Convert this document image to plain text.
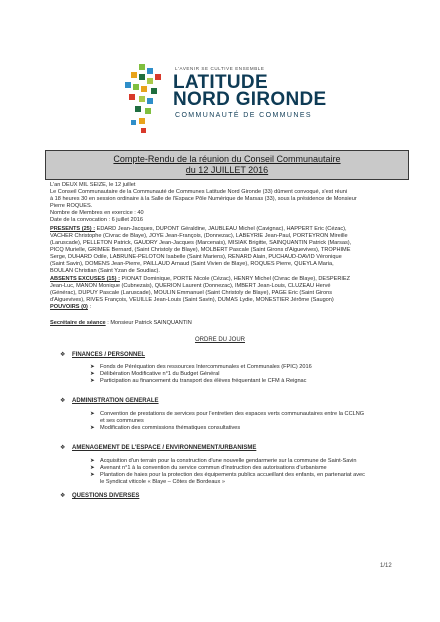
L'AVENIR SE CULTIVE ENSEMBLE
LATITUDE
NORD GIRONDE
COMMUNAUTÉ DE COMMUNES
Compte-Rendu de la réunion du Conseil Communautaire
du 12 JUILLET 2016
L'an DEUX MIL SEIZE, le 12 juillet
Le Conseil Communautaire de la Communauté de Communes Latitude Nord Gironde (33) dûment convoqué, s'est réuni
à 18 heures 30 en session ordinaire à la Salle de l'Espace Pôle Numérique de Marsas (33), sous la présidence de Monsieur
Pierre ROQUES.
Nombre de Membres en exercice : 40
Date de la convocation : 6 juillet 2016
PRESENTS (25) : EDARD Jean-Jacques, DUPONT Géraldine, JAUBLEAU Michel (Cavignac), HAPPERT Eric (Cézac),
VACHER Christophe (Civrac de Blaye), JOYE Jean-François, (Donnezac), LABEYRIE Jean-Paul, PORTEYRON Mireille
(Laruscade), PELLETON Patrick, GAUDRY Jean-Jacques (Marcenais), MISIAK Brigitte, SAINQUANTIN Patrick (Marsas),
PICQ Murielle, GRIMEE Bernard, (Saint Christoly de Blaye), MOLBERT Pascale (Saint Girons d'Aiguevives), TROPHIME
Serge, DUHARD Odile, LABRUNE-PELOTON Isabelle (Saint Mariens), RENARD Alain, PUCHAUD-DAVID Véronique
(Saint Savin), DOMENS Jean-Pierre, PAILLAUD Arnaud (Saint Vivien de Blaye), ROQUES Pierre, QUEYLA Maria,
BOULAN Christian (Saint Yzan de Soudiac).
ABSENTS EXCUSES (15) : PIONAT Dominique, PORTE Nicole (Cézac), HENRY Michel (Civrac de Blaye), DESPERIEZ
Jean-Luc, MANON Monique (Cubnezais), QUERION Laurent (Donnezac), IMBERT Jean-Louis, CLUZEAU Hervé
(Générac), DUPUY Pascale (Laruscade), MOULIN Emmanuel (Saint Christoly de Blaye), PAGE Eric (Saint Girons
d'Aiguevives), RIVES François, VEUILLE Jean-Louis (Saint Savin), DUMAS Lydie, MONESTIER Jérôme (Saugon)
POUVOIRS (0) :
Secrétaire de séance : Monsieur Patrick SAINQUANTIN
ORDRE DU JOUR
❖ FINANCES / PERSONNEL
➤ Fonds de Péréquation des ressources Intercommunales et Communales (FPIC) 2016
➤ Délibération Modificative n°1 du Budget Général
➤ Participation au financement du transport des élèves fréquentant le CFM à Reignac
❖ ADMINISTRATION GENERALE
➤ Convention de prestations de services pour l'entretien des espaces verts communautaires entre la CCLNG
et ses communes
➤ Modification des commissions thématiques consultatives
❖ AMENAGEMENT DE L'ESPACE / ENVIRONNEMENT/URBANISME
➤ Acquisition d'un terrain pour la construction d'une nouvelle gendarmerie sur la commune de Saint-Savin
➤ Avenant n°1 à la convention du service commun d'instruction des autorisations d'urbanisme
➤ Plantation de haies pour la protection des équipements publics accueillant des enfants, en partenariat avec
le Syndicat viticole « Blaye – Côtes de Bordeaux »
❖ QUESTIONS DIVERSES
1/12
